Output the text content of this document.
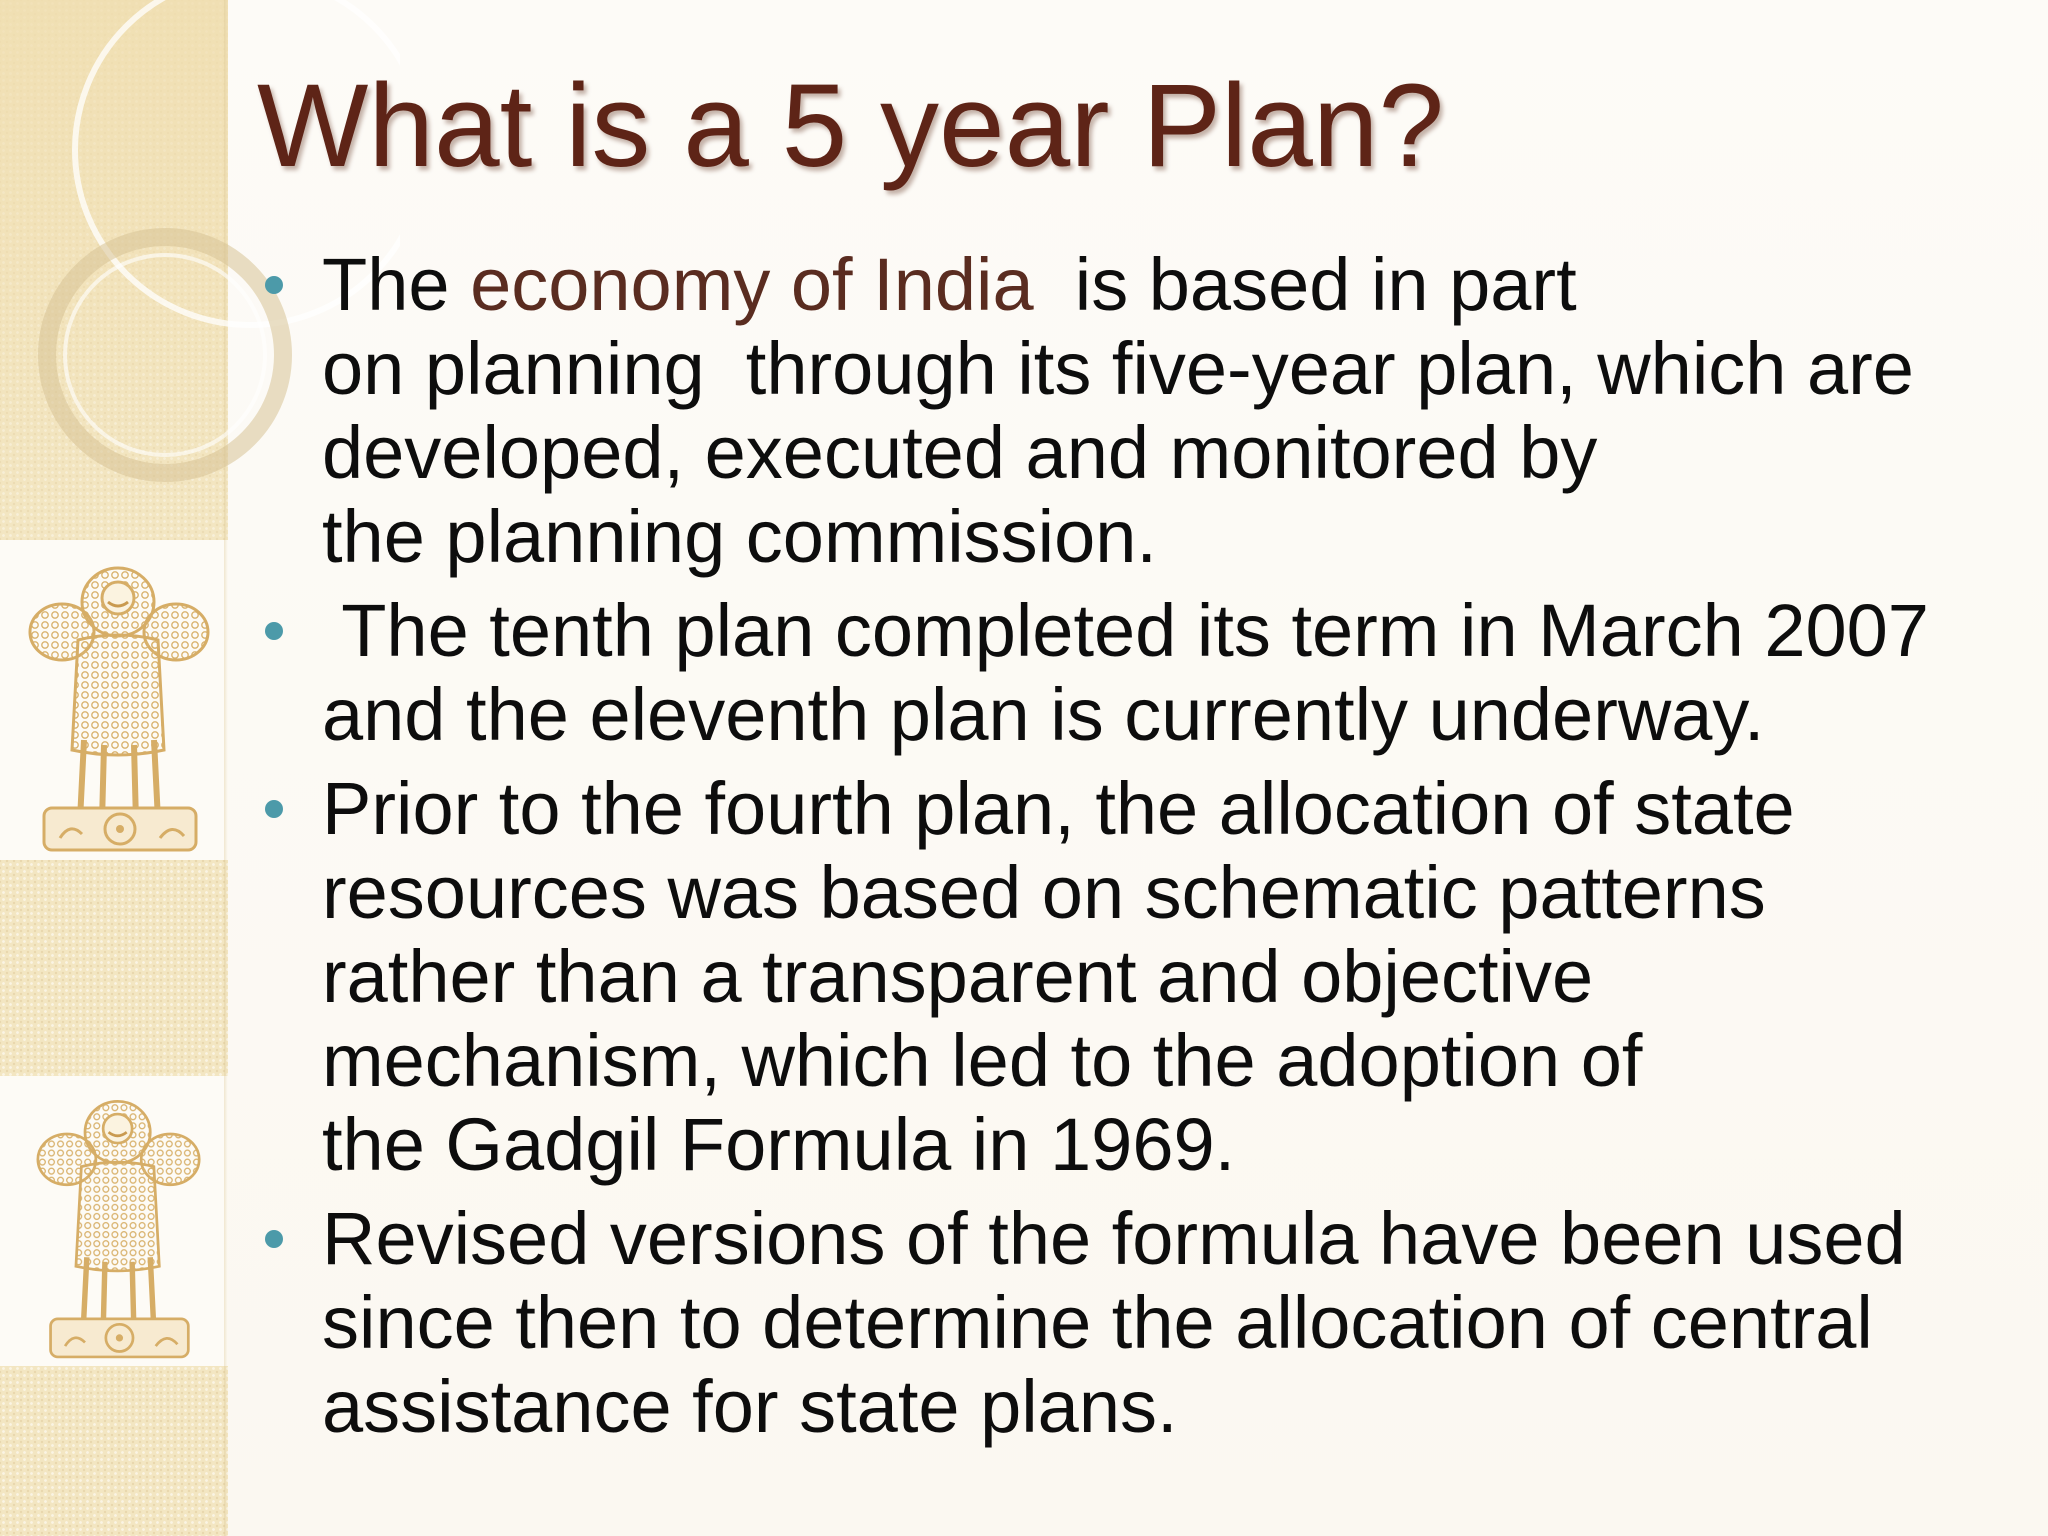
What is a 5 year Plan?
The economy of India  is based in part
on planning  through its five-year plan, which are
developed, executed and monitored by
the planning commission.
The tenth plan completed its term in March 2007
and the eleventh plan is currently underway.
Prior to the fourth plan, the allocation of state
resources was based on schematic patterns
rather than a transparent and objective
mechanism, which led to the adoption of
the Gadgil Formula in 1969.
Revised versions of the formula have been used
since then to determine the allocation of central
assistance for state plans.
